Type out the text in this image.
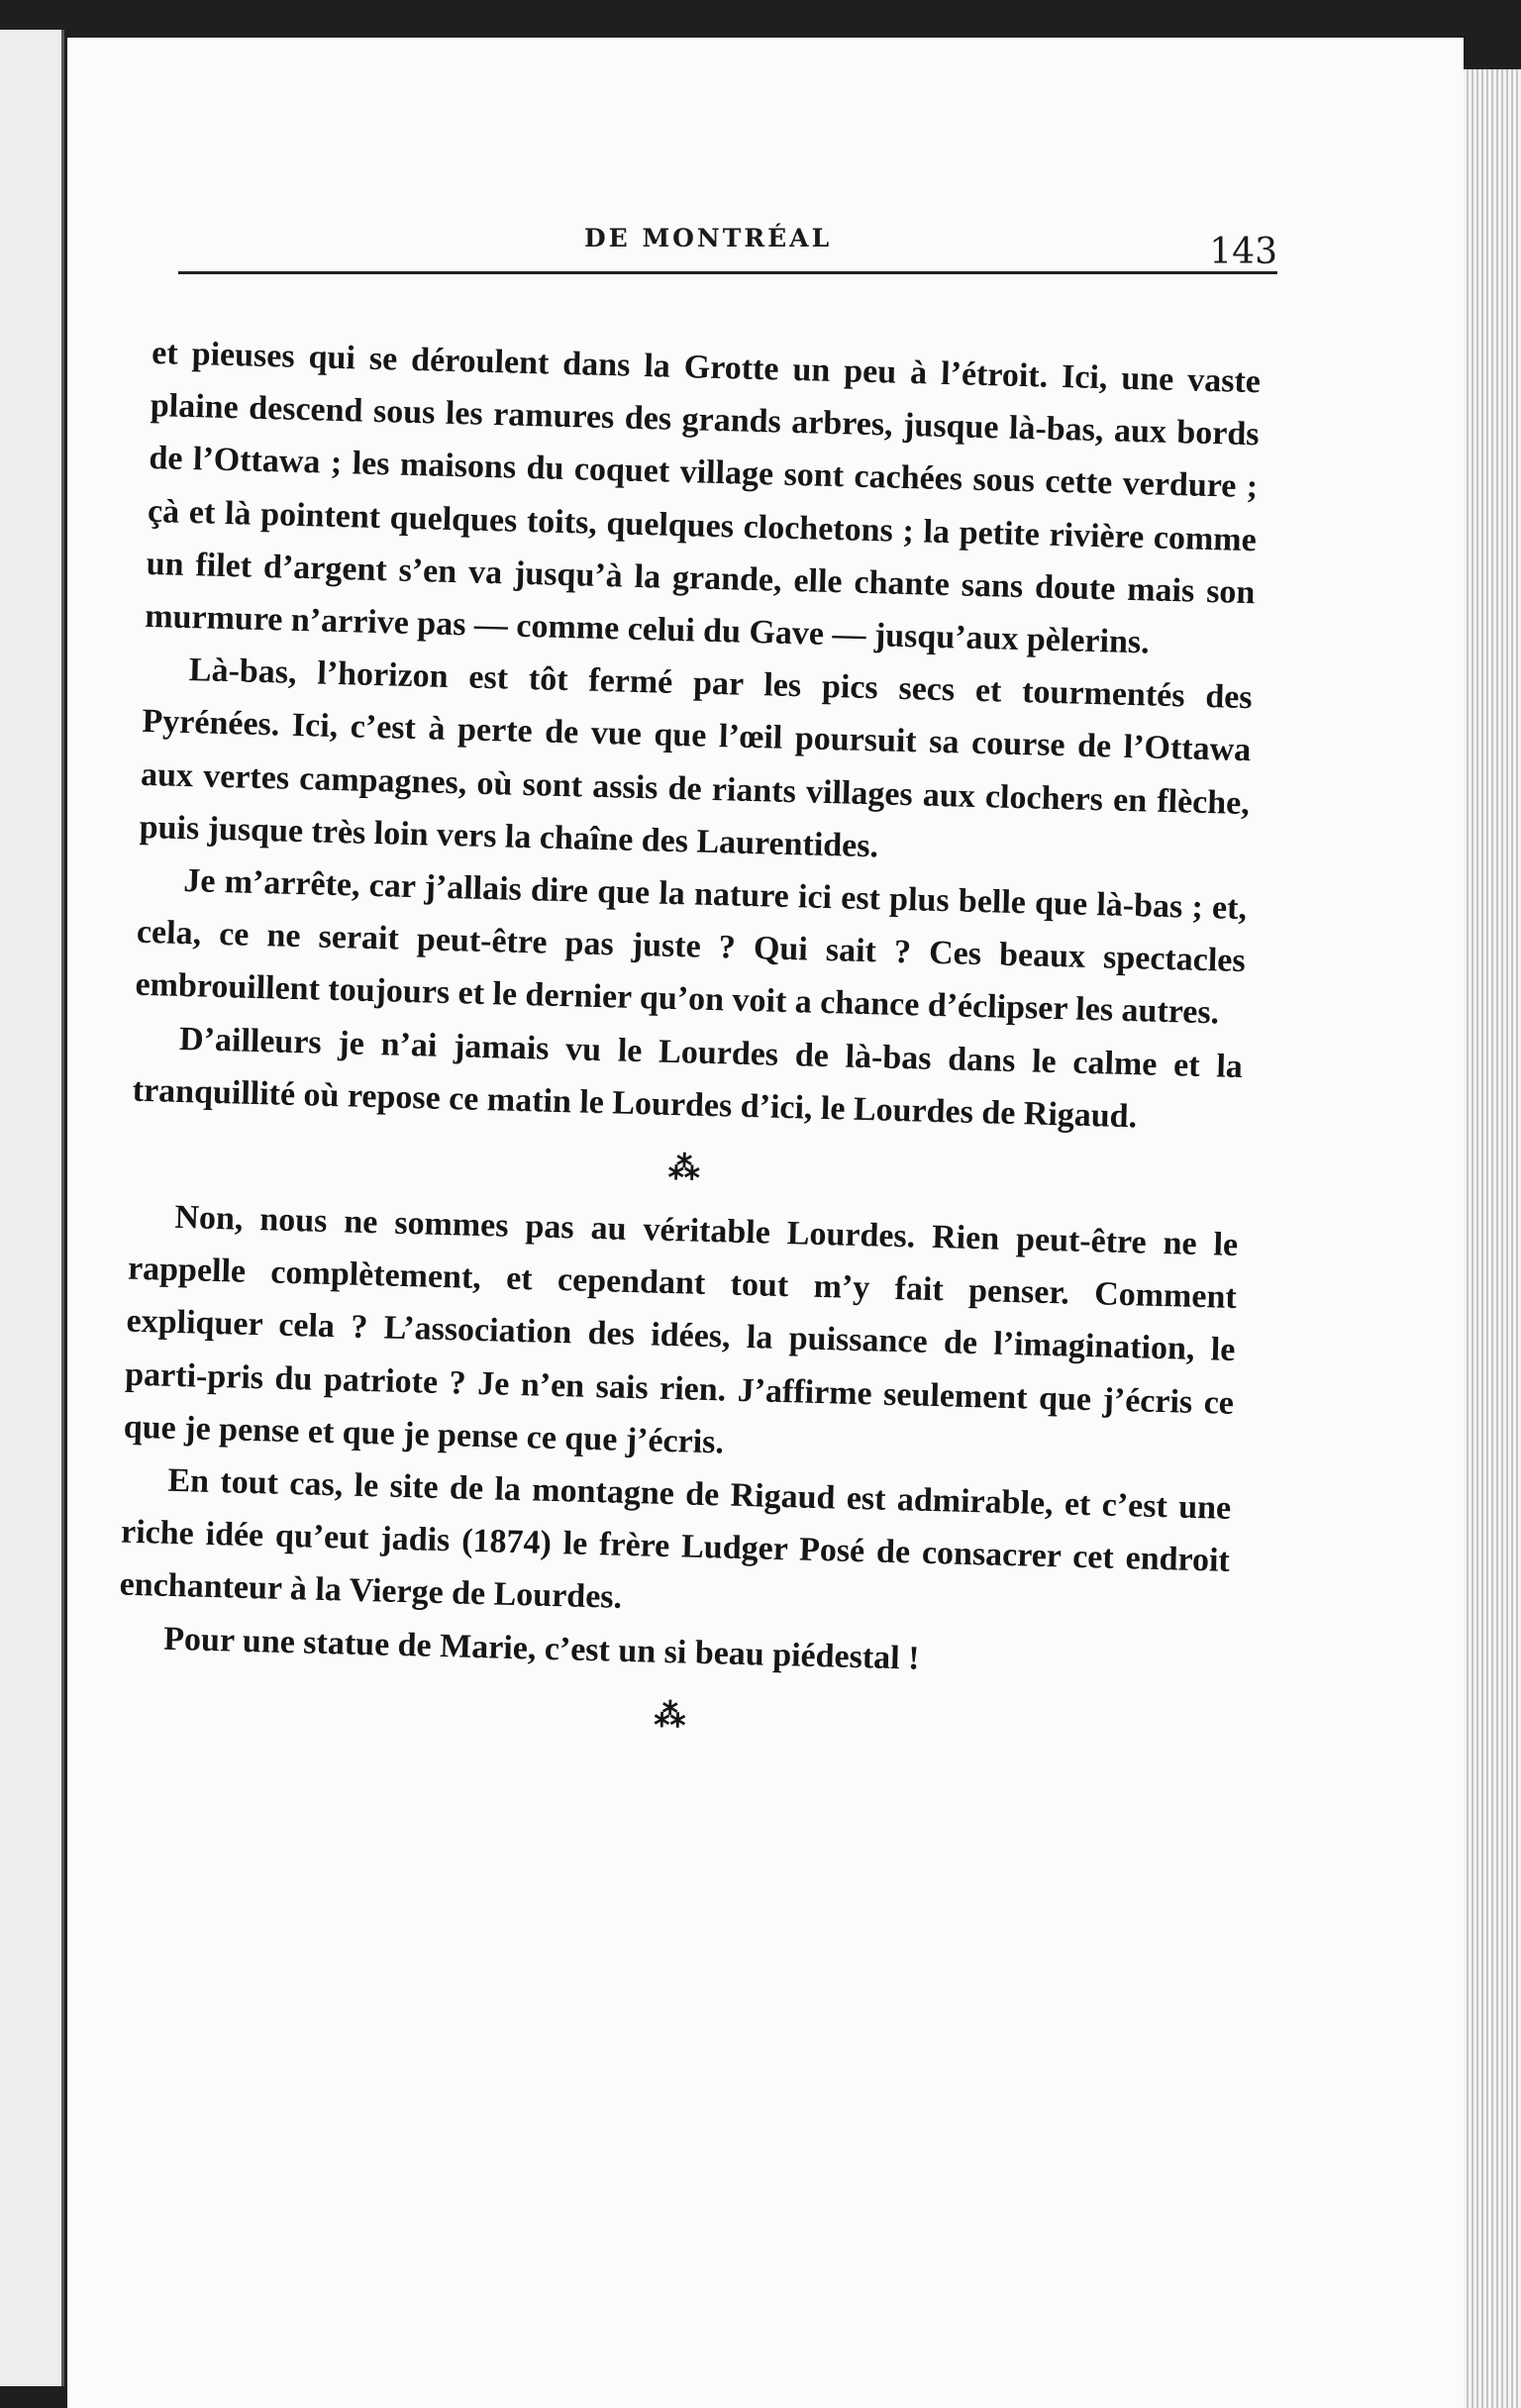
DE MONTRÉAL	143

et pieuses qui se déroulent dans la Grotte un peu à l’étroit. Ici, une vaste plaine descend sous les ramures des grands arbres, jusque là-bas, aux bords de l’Ottawa ; les maisons du coquet village sont cachées sous cette verdure ; çà et là pointent quelques toits, quelques clochetons ; la petite rivière comme un filet d’argent s’en va jusqu’à la grande, elle chante sans doute mais son murmure n’arrive pas — comme celui du Gave — jusqu’aux pèlerins.

Là-bas, l’horizon est tôt fermé par les pics secs et tourmentés des Pyrénées. Ici, c’est à perte de vue que l’œil poursuit sa course de l’Ottawa aux vertes campagnes, où sont assis de riants villages aux clochers en flèche, puis jusque très loin vers la chaîne des Laurentides.

Je m’arrête, car j’allais dire que la nature ici est plus belle que là-bas ; et, cela, ce ne serait peut-être pas juste ? Qui sait ? Ces beaux spectacles embrouillent toujours et le dernier qu’on voit a chance d’éclipser les autres.

D’ailleurs je n’ai jamais vu le Lourdes de là-bas dans le calme et la tranquillité où repose ce matin le Lourdes d’ici, le Lourdes de Rigaud.

⁂

Non, nous ne sommes pas au véritable Lourdes. Rien peut-être ne le rappelle complètement, et cependant tout m’y fait penser. Comment expliquer cela ? L’association des idées, la puissance de l’imagination, le parti-pris du patriote ? Je n’en sais rien. J’affirme seulement que j’écris ce que je pense et que je pense ce que j’écris.

En tout cas, le site de la montagne de Rigaud est admirable, et c’est une riche idée qu’eut jadis (1874) le frère Ludger Posé de consacrer cet endroit enchanteur à la Vierge de Lourdes.

Pour une statue de Marie, c’est un si beau piédestal !

⁂
